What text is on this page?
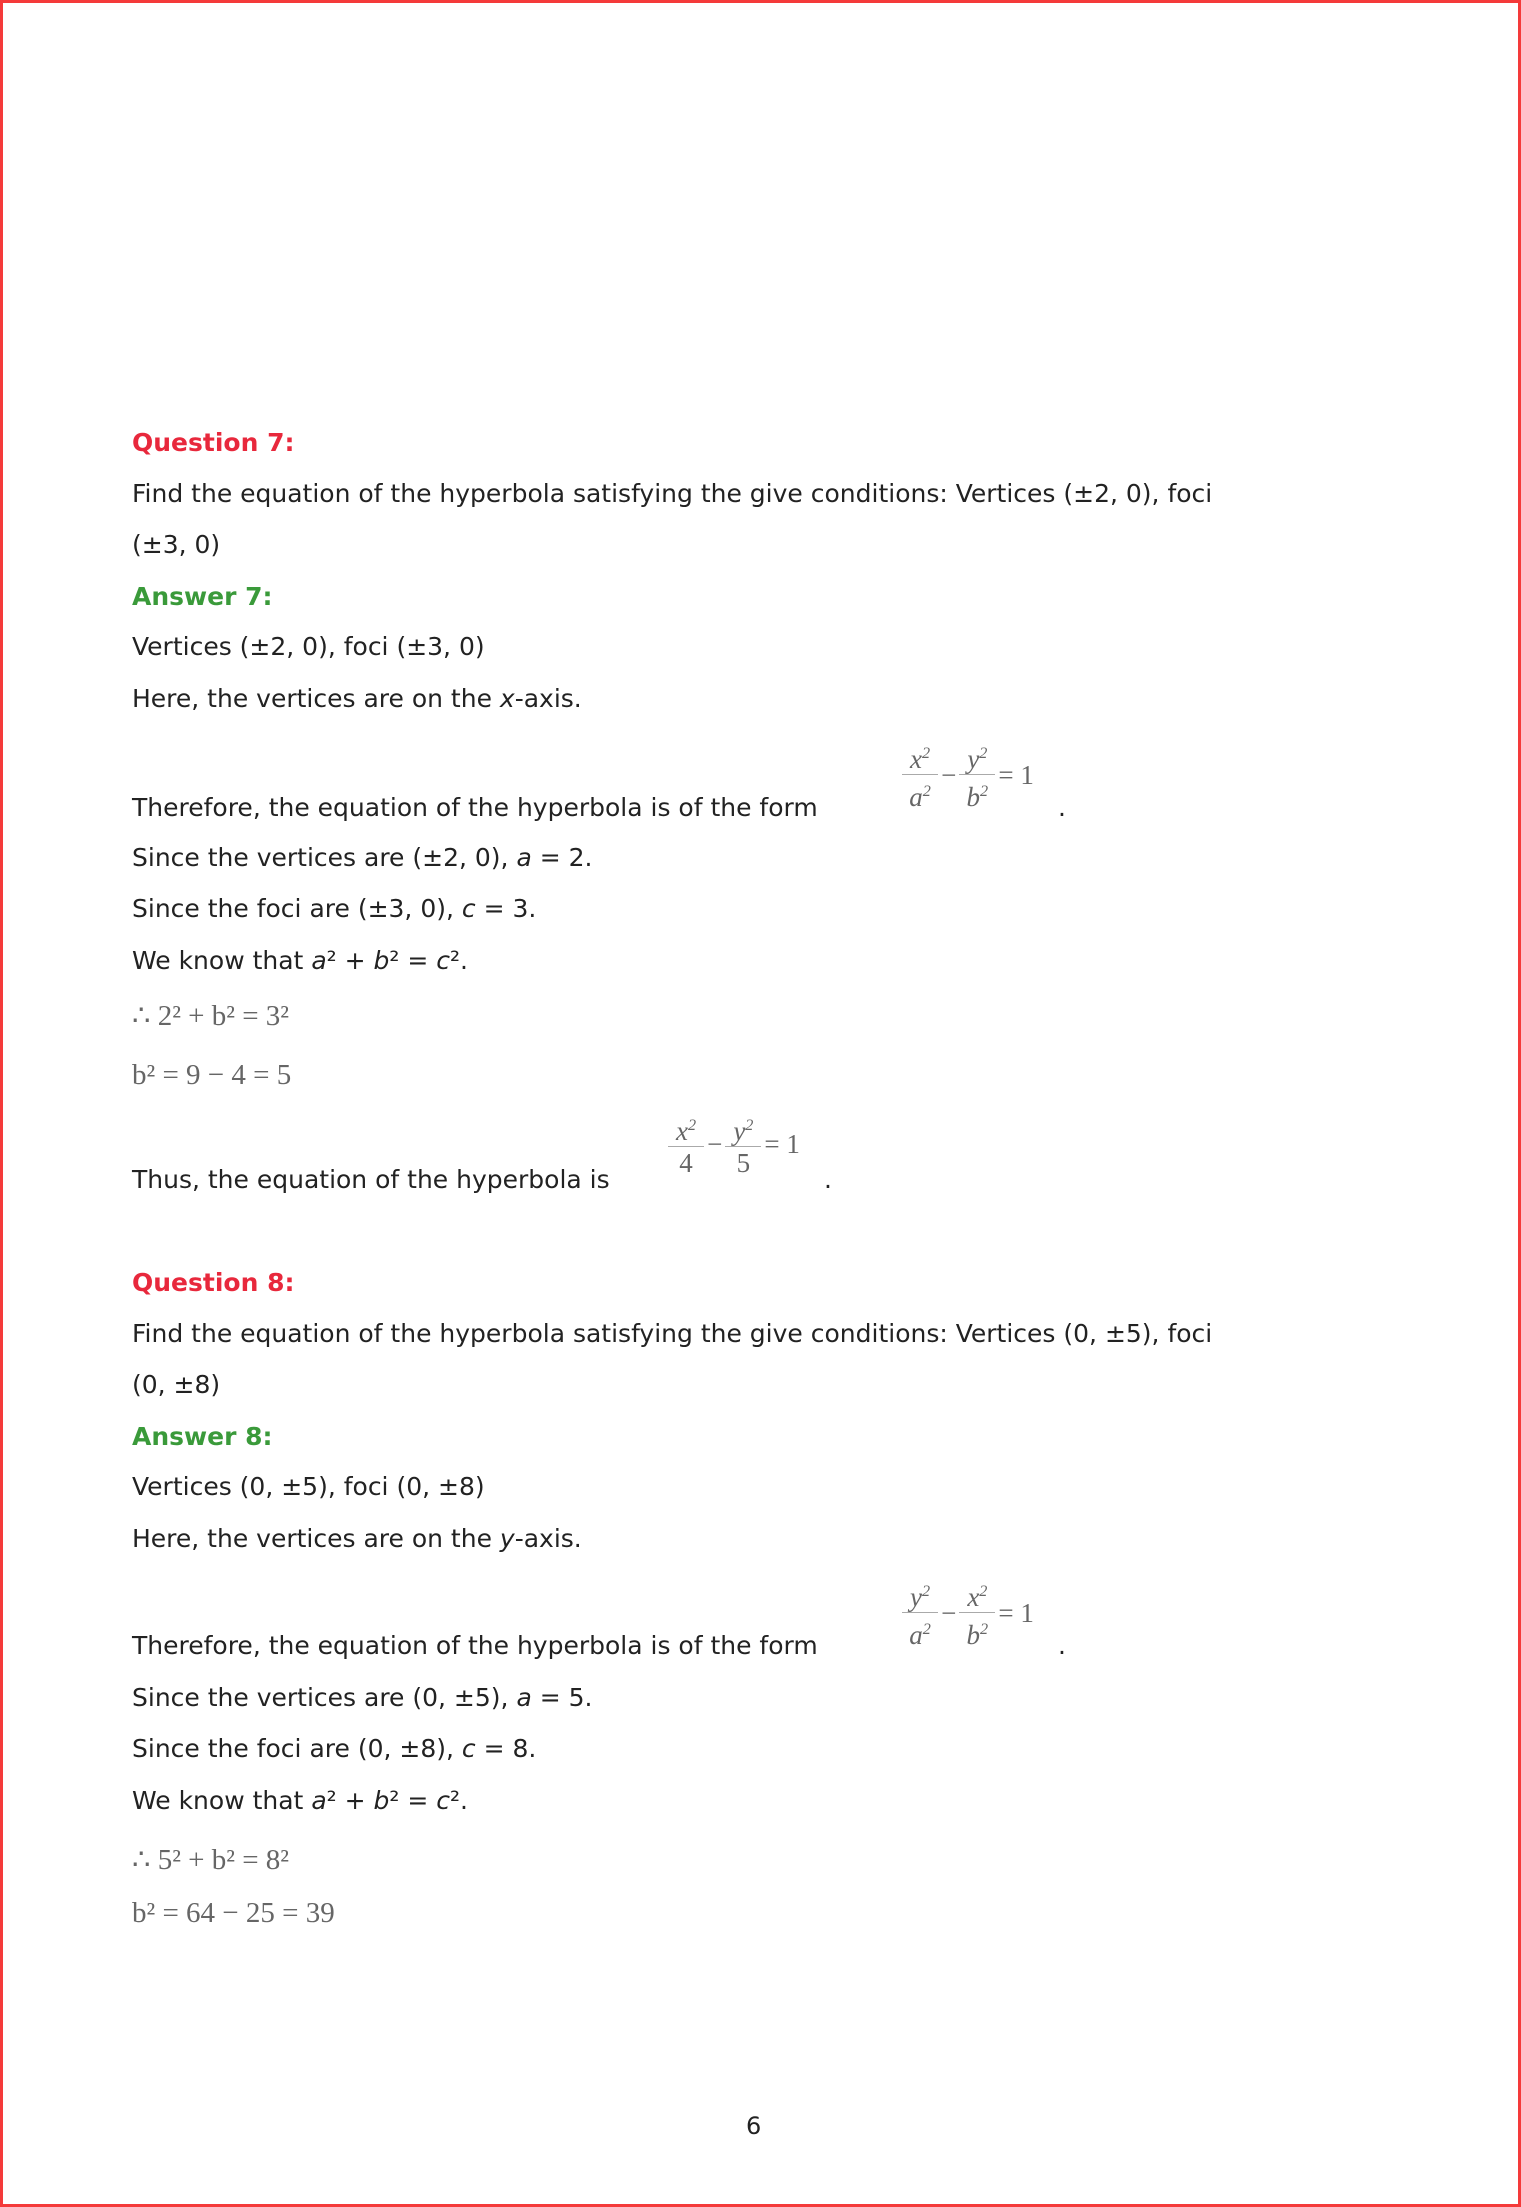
Question 7:
Find the equation of the hyperbola satisfying the give conditions: Vertices (±2, 0), foci
(±3, 0)
Answer 7:
Vertices (±2, 0), foci (±3, 0)
Here, the vertices are on the x-axis.
Therefore, the equation of the hyperbola is of the form	$\frac{x^2}{a^2} - \frac{y^2}{b^2} = 1$
.
Since the vertices are (±2, 0), a = 2.
Since the foci are (±3, 0), c = 3.
We know that a² + b² = c².
∴ 2² + b² = 3²
b² = 9 − 4 = 5
Thus, the equation of the hyperbola is
$\frac{x^2}{4} - \frac{y^2}{5} = 1$
.
Question 8:
Find the equation of the hyperbola satisfying the give conditions: Vertices (0, ±5), foci
(0, ±8)
Answer 8:
Vertices (0, ±5), foci (0, ±8)
Here, the vertices are on the y-axis.
Therefore, the equation of the hyperbola is of the form	$\frac{y^2}{a^2} - \frac{x^2}{b^2} = 1$
.
Since the vertices are (0, ±5), a = 5.
Since the foci are (0, ±8), c = 8.
We know that a² + b² = c².
∴ 5² + b² = 8²
b² = 64 − 25 = 39
6
